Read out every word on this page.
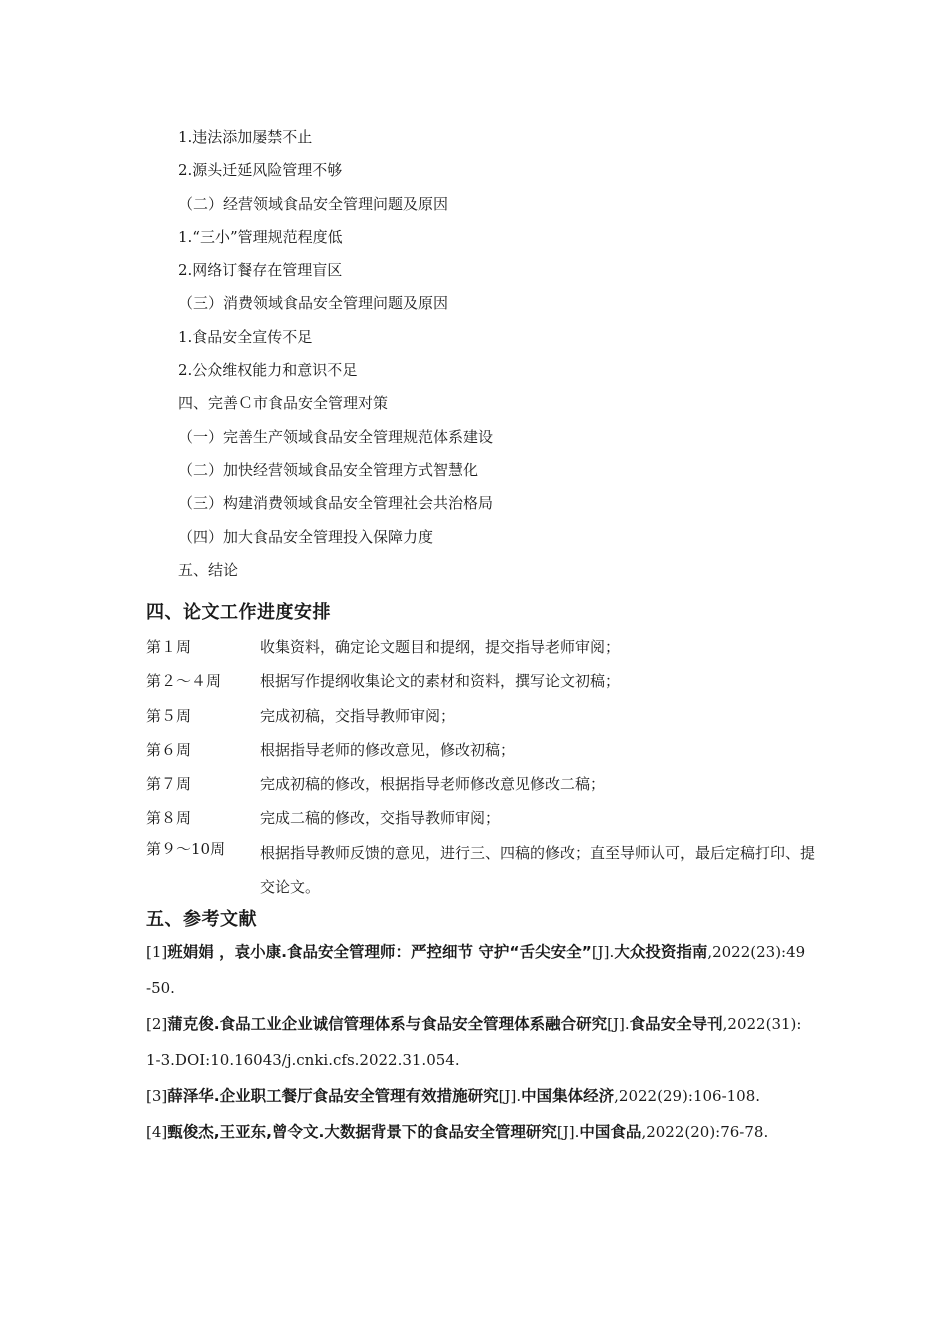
1.违法添加屡禁不止
2.源头迁延风险管理不够
（二）经营领域食品安全管理问题及原因
1.“三小”管理规范程度低
2.网络订餐存在管理盲区
（三）消费领域食品安全管理问题及原因
1.食品安全宣传不足
2.公众维权能力和意识不足
四、完善Ｃ市食品安全管理对策
（一）完善生产领域食品安全管理规范体系建设
（二）加快经营领域食品安全管理方式智慧化
（三）构建消费领域食品安全管理社会共治格局
（四）加大食品安全管理投入保障力度
五、结论
四、论文工作进度安排
第１周	收集资料，确定论文题目和提纲，提交指导老师审阅；
第２～４周	根据写作提纲收集论文的素材和资料，撰写论文初稿；
第５周	完成初稿，交指导教师审阅；
第６周	根据指导老师的修改意见，修改初稿；
第７周	完成初稿的修改，根据指导老师修改意见修改二稿；
第８周	完成二稿的修改，交指导教师审阅；
第９～10周	根据指导教师反馈的意见，进行三、四稿的修改；直至导师认可，最后定稿打印、提交论文。
五、参考文献
[1]班娟娟 ，袁小康.食品安全管理师：严控细节 守护“舌尖安全”[J].大众投资指南,2022(23):49-50.
[2]蒲克俊.食品工业企业诚信管理体系与食品安全管理体系融合研究[J].食品安全导刊,2022(31):1-3.DOI:10.16043/j.cnki.cfs.2022.31.054.
[3]薛泽华.企业职工餐厅食品安全管理有效措施研究[J].中国集体经济,2022(29):106-108.
[4]甄俊杰,王亚东,曾令文.大数据背景下的食品安全管理研究[J].中国食品,2022(20):76-78.
